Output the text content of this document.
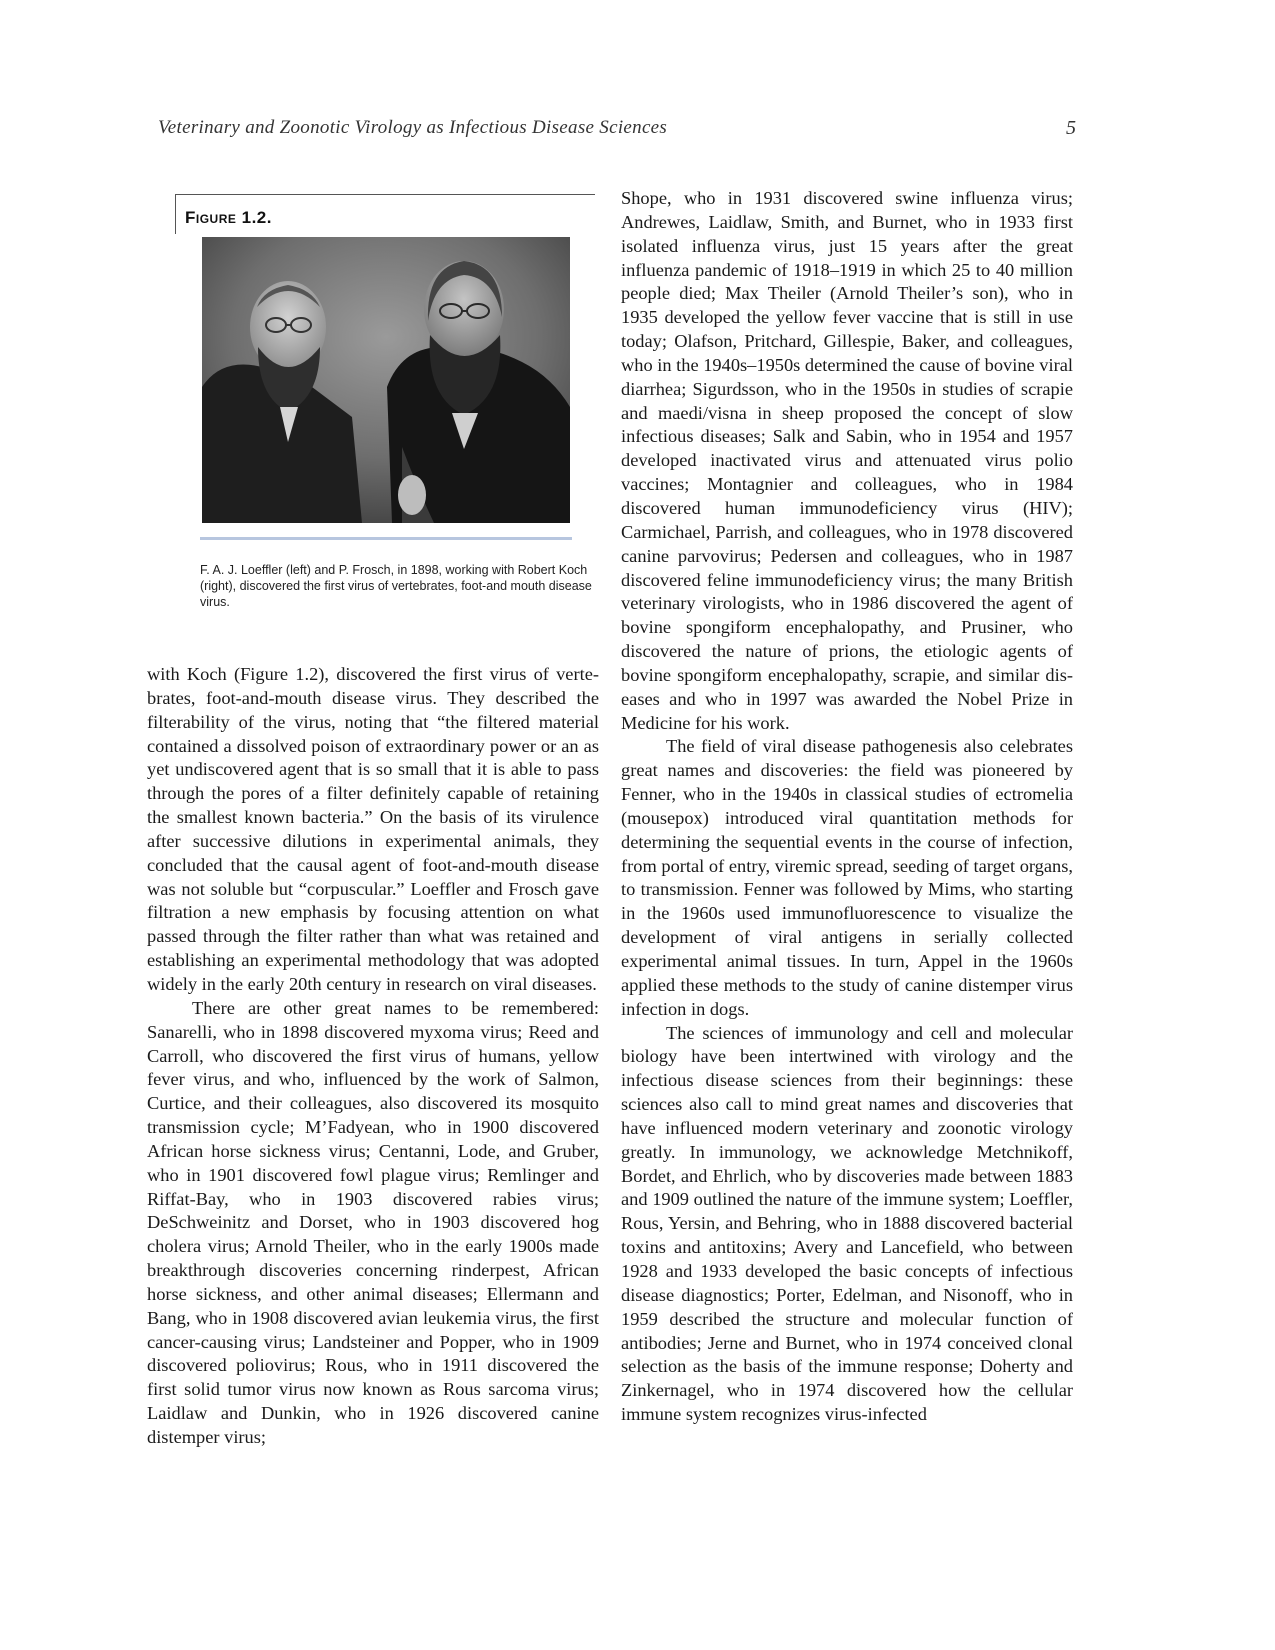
Veterinary and Zoonotic Virology as Infectious Disease Sciences	5
Figure 1.2.
F. A. J. Loeffler (left) and P. Frosch, in 1898, working with Robert Koch (right), discovered the first virus of vertebrates, foot-and mouth disease virus.

with Koch (Figure 1.2), discovered the first virus of vertebrates, foot-and-mouth disease virus. They described the filterability of the virus, noting that “the filtered material contained a dissolved poison of extraordinary power or an as yet undiscovered agent that is so small that it is able to pass through the pores of a filter definitely capable of retaining the smallest known bacteria.” On the basis of its virulence after successive dilutions in experimental animals, they concluded that the causal agent of foot-and-mouth disease was not soluble but “corpuscular.” Loeffler and Frosch gave filtration a new emphasis by focusing attention on what passed through the filter rather than what was retained and establishing an experimental methodology that was adopted widely in the early 20th century in research on viral diseases.

There are other great names to be remembered: Sanarelli, who in 1898 discovered myxoma virus; Reed and Carroll, who discovered the first virus of humans, yellow fever virus, and who, influenced by the work of Salmon, Curtice, and their colleagues, also discovered its mosquito transmission cycle; M’Fadyean, who in 1900 discovered African horse sickness virus; Centanni, Lode, and Gruber, who in 1901 discovered fowl plague virus; Remlinger and Riffat-Bay, who in 1903 discovered rabies virus; DeSchweinitz and Dorset, who in 1903 discovered hog cholera virus; Arnold Theiler, who in the early 1900s made breakthrough discoveries concerning rinderpest, African horse sickness, and other animal diseases; Ellermann and Bang, who in 1908 discovered avian leukemia virus, the first cancer-causing virus; Landsteiner and Popper, who in 1909 discovered poliovirus; Rous, who in 1911 discovered the first solid tumor virus now known as Rous sarcoma virus; Laidlaw and Dunkin, who in 1926 discovered canine distemper virus;

Shope, who in 1931 discovered swine influenza virus; Andrewes, Laidlaw, Smith, and Burnet, who in 1933 first isolated influenza virus, just 15 years after the great influenza pandemic of 1918–1919 in which 25 to 40 million people died; Max Theiler (Arnold Theiler’s son), who in 1935 developed the yellow fever vaccine that is still in use today; Olafson, Pritchard, Gillespie, Baker, and colleagues, who in the 1940s–1950s determined the cause of bovine viral diarrhea; Sigurdsson, who in the 1950s in studies of scrapie and maedi/visna in sheep proposed the concept of slow infectious diseases; Salk and Sabin, who in 1954 and 1957 developed inactivated virus and attenuated virus polio vaccines; Montagnier and colleagues, who in 1984 discovered human immunodeficiency virus (HIV); Carmichael, Parrish, and colleagues, who in 1978 discovered canine parvovirus; Pedersen and colleagues, who in 1987 discovered feline immunodeficiency virus; the many British veterinary virologists, who in 1986 discovered the agent of bovine spongiform encephalopathy, and Prusiner, who discovered the nature of prions, the etiologic agents of bovine spongiform encephalopathy, scrapie, and similar diseases and who in 1997 was awarded the Nobel Prize in Medicine for his work.

The field of viral disease pathogenesis also celebrates great names and discoveries: the field was pioneered by Fenner, who in the 1940s in classical studies of ectromelia (mousepox) introduced viral quantitation methods for determining the sequential events in the course of infection, from portal of entry, viremic spread, seeding of target organs, to transmission. Fenner was followed by Mims, who starting in the 1960s used immunofluorescence to visualize the development of viral antigens in serially collected experimental animal tissues. In turn, Appel in the 1960s applied these methods to the study of canine distemper virus infection in dogs.

The sciences of immunology and cell and molecular biology have been intertwined with virology and the infectious disease sciences from their beginnings: these sciences also call to mind great names and discoveries that have influenced modern veterinary and zoonotic virology greatly. In immunology, we acknowledge Metchnikoff, Bordet, and Ehrlich, who by discoveries made between 1883 and 1909 outlined the nature of the immune system; Loeffler, Rous, Yersin, and Behring, who in 1888 discovered bacterial toxins and antitoxins; Avery and Lancefield, who between 1928 and 1933 developed the basic concepts of infectious disease diagnostics; Porter, Edelman, and Nisonoff, who in 1959 described the structure and molecular function of antibodies; Jerne and Burnet, who in 1974 conceived clonal selection as the basis of the immune response; Doherty and Zinkernagel, who in 1974 discovered how the cellular immune system recognizes virus-infected
